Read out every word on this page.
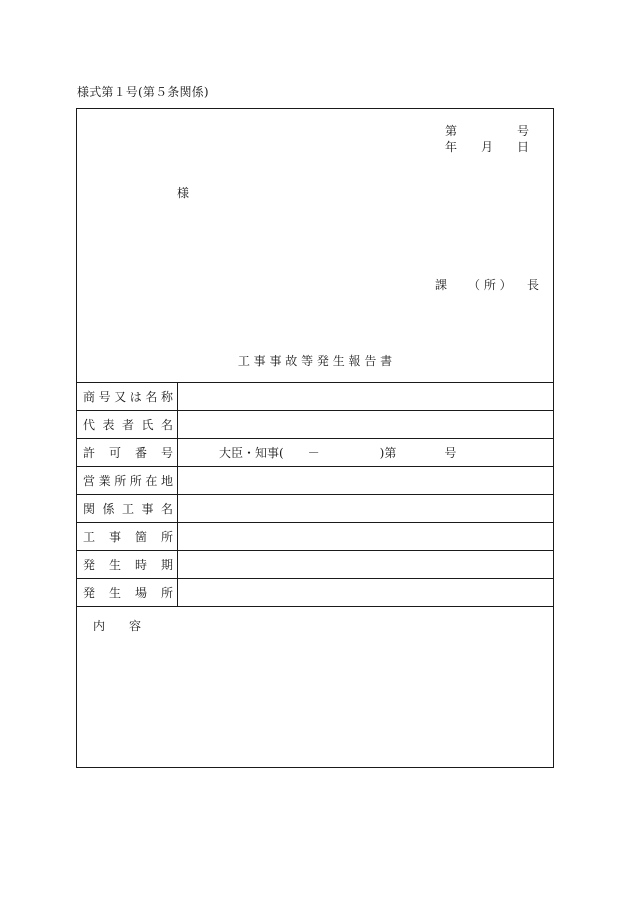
様式第１号(第５条関係)
第	号
年 月 日
様
課 （ 所 ） 長
工 事 事 故 等 発 生 報 告 書
商号又は名称
代表者氏名
許可番号	大臣・知事(　　－　　　　　)第　　　　号
営業所所在地
関係工事名
工事箇所
発生時期
発生場所
内　　容
